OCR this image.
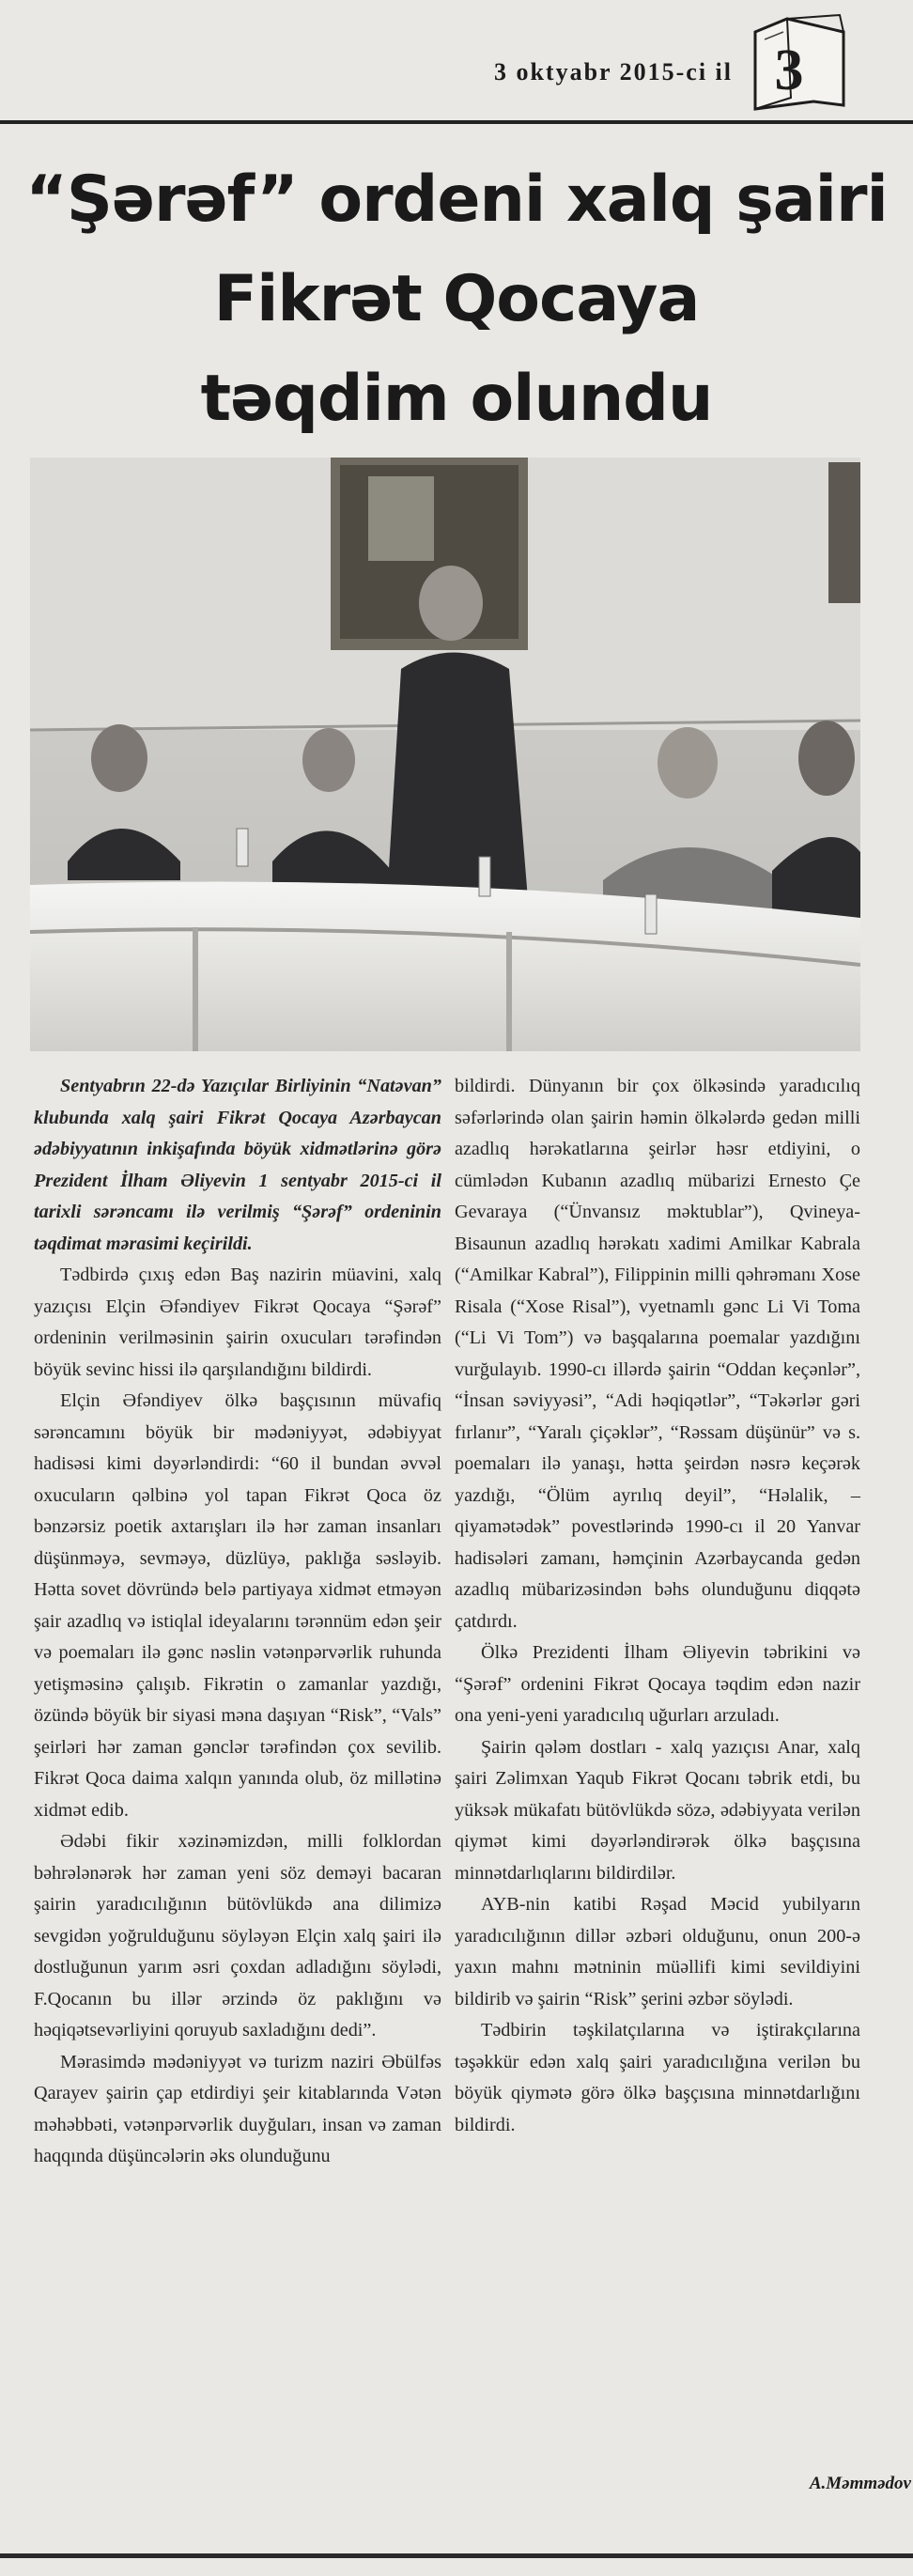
3 oktyabr 2015-ci il 3
“Şərəf” ordeni xalq şairi
Fikrət Qocaya
təqdim olundu

Sentyabrın 22-də Yazıçılar Birliyinin “Natəvan” klubunda xalq şairi Fikrət Qocaya Azərbaycan ədəbiyyatının inkişafında böyük xidmətlərinə görə Prezident İlham Əliyevin 1 sentyabr 2015-ci il tarixli sərəncamı ilə verilmiş “Şərəf” ordeninin təqdimat mərasimi keçirildi.

Tədbirdə çıxış edən Baş nazirin müavini, xalq yazıçısı Elçin Əfəndiyev Fikrət Qocaya “Şərəf” ordeninin verilməsinin şairin oxucuları tərəfindən böyük sevinc hissi ilə qarşılandığını bildirdi.

Elçin Əfəndiyev ölkə başçısının müvafiq sərəncamını böyük bir mədəniyyət, ədəbiyyat hadisəsi kimi dəyərləndirdi: “60 il bundan əvvəl oxucuların qəlbinə yol tapan Fikrət Qoca öz bənzərsiz poetik axtarışları ilə hər zaman insanları düşünməyə, sevməyə, düzlüyə, paklığa səsləyib. Hətta sovet dövründə belə partiyaya xidmət etməyən şair azadlıq və istiqlal ideyalarını tərənnüm edən şeir və poemaları ilə gənc nəslin vətənpərvərlik ruhunda yetişməsinə çalışıb. Fikrətin o zamanlar yazdığı, özündə böyük bir siyasi məna daşıyan “Risk”, “Vals” şeirləri hər zaman gənclər tərəfindən çox sevilib. Fikrət Qoca daima xalqın yanında olub, öz millətinə xidmət edib.

Ədəbi fikir xəzinəmizdən, milli folklordan bəhrələnərək hər zaman yeni söz deməyi bacaran şairin yaradıcılığının bütövlükdə ana dilimizə sevgidən yoğrulduğunu söyləyən Elçin xalq şairi ilə dostluğunun yarım əsri çoxdan adladığını söylədi, F.Qocanın bu illər ərzində öz paklığını və həqiqətsevərliyini qoruyub saxladığını dedi”.

Mərasimdə mədəniyyət və turizm naziri Əbülfəs Qarayev şairin çap etdirdiyi şeir kitablarında Vətən məhəbbəti, vətənpərvərlik duyğuları, insan və zaman haqqında düşüncələrin əks olunduğunu

bildirdi. Dünyanın bir çox ölkəsində yaradıcılıq səfərlərində olan şairin həmin ölkələrdə gedən milli azadlıq hərəkatlarına şeirlər həsr etdiyini, o cümlədən Kubanın azadlıq mübarizi Ernesto Çe Gevaraya (“Ünvansız məktublar”), Qvineya-Bisaunun azadlıq hərəkatı xadimi Amilkar Kabrala (“Amilkar Kabral”), Filippinin milli qəhrəmanı Xose Risala (“Xose Risal”), vyetnamlı gənc Li Vi Toma (“Li Vi Tom”) və başqalarına poemalar yazdığını vurğulayıb. 1990-cı illərdə şairin “Oddan keçənlər”, “İnsan səviyyəsi”, “Adi həqiqətlər”, “Təkərlər gəri fırlanır”, “Yaralı çiçəklər”, “Rəssam düşünür” və s. poemaları ilə yanaşı, hətta şeirdən nəsrə keçərək yazdığı, “Ölüm ayrılıq deyil”, “Həlalik, – qiyamətədək” povestlərində 1990-cı il 20 Yanvar hadisələri zamanı, həmçinin Azərbaycanda gedən azadlıq mübarizəsindən bəhs olunduğunu diqqətə çatdırdı.

Ölkə Prezidenti İlham Əliyevin təbrikini və “Şərəf” ordenini Fikrət Qocaya təqdim edən nazir ona yeni-yeni yaradıcılıq uğurları arzuladı.

Şairin qələm dostları - xalq yazıçısı Anar, xalq şairi Zəlimxan Yaqub Fikrət Qocanı təbrik etdi, bu yüksək mükafatı bütövlükdə sözə, ədəbiyyata verilən qiymət kimi dəyərləndirərək ölkə başçısına minnətdarlıqlarını bildirdilər.

AYB-nin katibi Rəşad Məcid yubilyarın yaradıcılığının dillər əzbəri olduğunu, onun 200-ə yaxın mahnı mətninin müəllifi kimi sevildiyini bildirib və şairin “Risk” şerini əzbər söylədi.

Tədbirin təşkilatçılarına və iştirakçılarına təşəkkür edən xalq şairi yaradıcılığına verilən bu böyük qiymətə görə ölkə başçısına minnətdarlığını bildirdi.

A.Məmmədov
